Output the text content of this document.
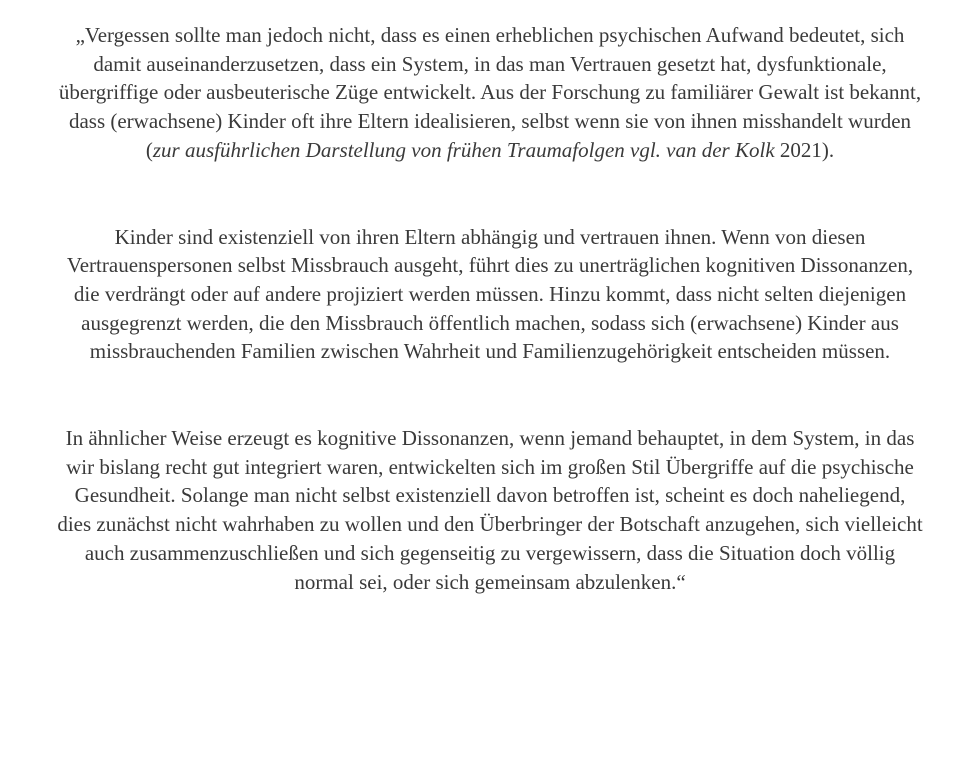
„Vergessen sollte man jedoch nicht, dass es einen erheblichen psychischen Aufwand bedeutet, sich damit auseinanderzusetzen, dass ein System, in das man Vertrauen gesetzt hat, dysfunktionale, übergriffige oder ausbeuterische Züge entwickelt. Aus der Forschung zu familiärer Gewalt ist bekannt, dass (erwachsene) Kinder oft ihre Eltern idealisieren, selbst wenn sie von ihnen misshandelt wurden (zur ausführlichen Darstellung von frühen Traumafolgen vgl. van der Kolk 2021).

Kinder sind existenziell von ihren Eltern abhängig und vertrauen ihnen. Wenn von diesen Vertrauenspersonen selbst Missbrauch ausgeht, führt dies zu unerträglichen kognitiven Dissonanzen, die verdrängt oder auf andere projiziert werden müssen. Hinzu kommt, dass nicht selten diejenigen ausgegrenzt werden, die den Missbrauch öffentlich machen, sodass sich (erwachsene) Kinder aus missbrauchenden Familien zwischen Wahrheit und Familienzugehörigkeit entscheiden müssen.

In ähnlicher Weise erzeugt es kognitive Dissonanzen, wenn jemand behauptet, in dem System, in das wir bislang recht gut integriert waren, entwickelten sich im großen Stil Übergriffe auf die psychische Gesundheit. Solange man nicht selbst existenziell davon betroffen ist, scheint es doch naheliegend, dies zunächst nicht wahrhaben zu wollen und den Überbringer der Botschaft anzugehen, sich vielleicht auch zusammenzuschließen und sich gegenseitig zu vergewissern, dass die Situation doch völlig normal sei, oder sich gemeinsam abzulenken.“
